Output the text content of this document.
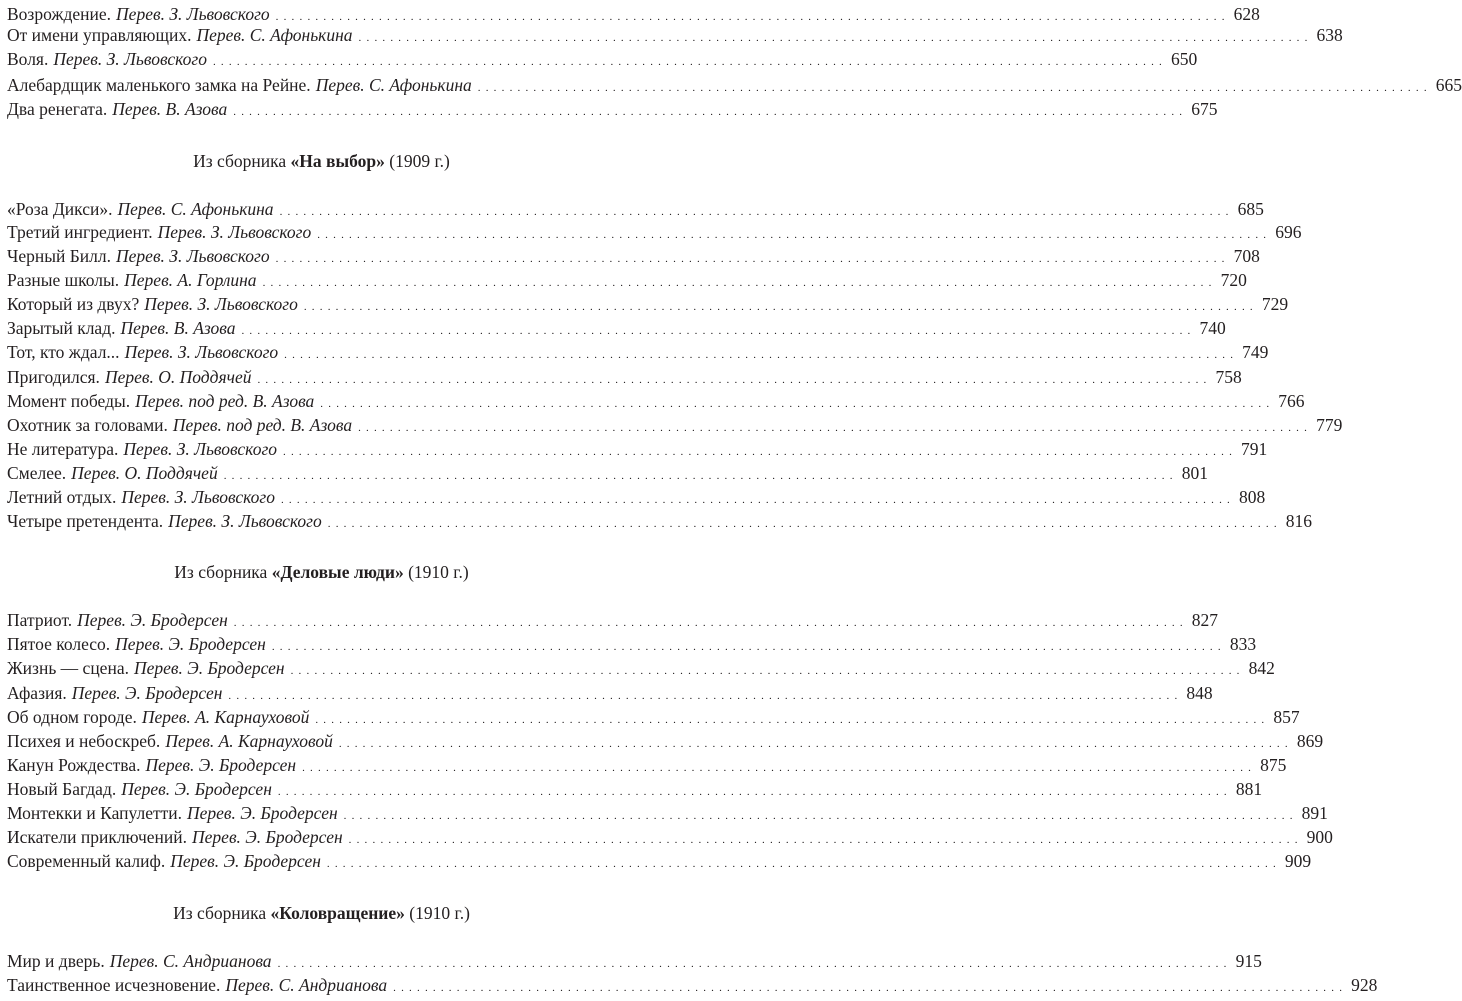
Возрождение. Перев. З. Львовского ........................................................................................................................ 628
От имени управляющих. Перев. С. Афонькина ........................................................................................................................ 638
Воля. Перев. З. Львовского ........................................................................................................................ 650
Алебардщик маленького замка на Рейне. Перев. С. Афонькина ........................................................................................................................ 665
Два ренегата. Перев. В. Азова ........................................................................................................................ 675
Из сборника «На выбор» (1909 г.)
«Роза Дикси». Перев. С. Афонькина ........................................................................................................................ 685
Третий ингредиент. Перев. З. Львовского ........................................................................................................................ 696
Черный Билл. Перев. З. Львовского ........................................................................................................................ 708
Разные школы. Перев. А. Горлина ........................................................................................................................ 720
Который из двух? Перев. З. Львовского ........................................................................................................................ 729
Зарытый клад. Перев. В. Азова ........................................................................................................................ 740
Тот, кто ждал... Перев. З. Львовского ........................................................................................................................ 749
Пригодился. Перев. О. Поддячей ........................................................................................................................ 758
Момент победы. Перев. под ред. В. Азова ........................................................................................................................ 766
Охотник за головами. Перев. под ред. В. Азова ........................................................................................................................ 779
Не литература. Перев. З. Львовского ........................................................................................................................ 791
Смелее. Перев. О. Поддячей ........................................................................................................................ 801
Летний отдых. Перев. З. Львовского ........................................................................................................................ 808
Четыре претендента. Перев. З. Львовского ........................................................................................................................ 816
Из сборника «Деловые люди» (1910 г.)
Патриот. Перев. Э. Бродерсен ........................................................................................................................ 827
Пятое колесо. Перев. Э. Бродерсен ........................................................................................................................ 833
Жизнь — сцена. Перев. Э. Бродерсен ........................................................................................................................ 842
Афазия. Перев. Э. Бродерсен ........................................................................................................................ 848
Об одном городе. Перев. А. Карнауховой ........................................................................................................................ 857
Психея и небоскреб. Перев. А. Карнауховой ........................................................................................................................ 869
Канун Рождества. Перев. Э. Бродерсен ........................................................................................................................ 875
Новый Багдад. Перев. Э. Бродерсен ........................................................................................................................ 881
Монтекки и Капулетти. Перев. Э. Бродерсен ........................................................................................................................ 891
Искатели приключений. Перев. Э. Бродерсен ........................................................................................................................ 900
Современный калиф. Перев. Э. Бродерсен ........................................................................................................................ 909
Из сборника «Коловращение» (1910 г.)
Мир и дверь. Перев. С. Андрианова ........................................................................................................................ 915
Таинственное исчезновение. Перев. С. Андрианова ........................................................................................................................ 928
